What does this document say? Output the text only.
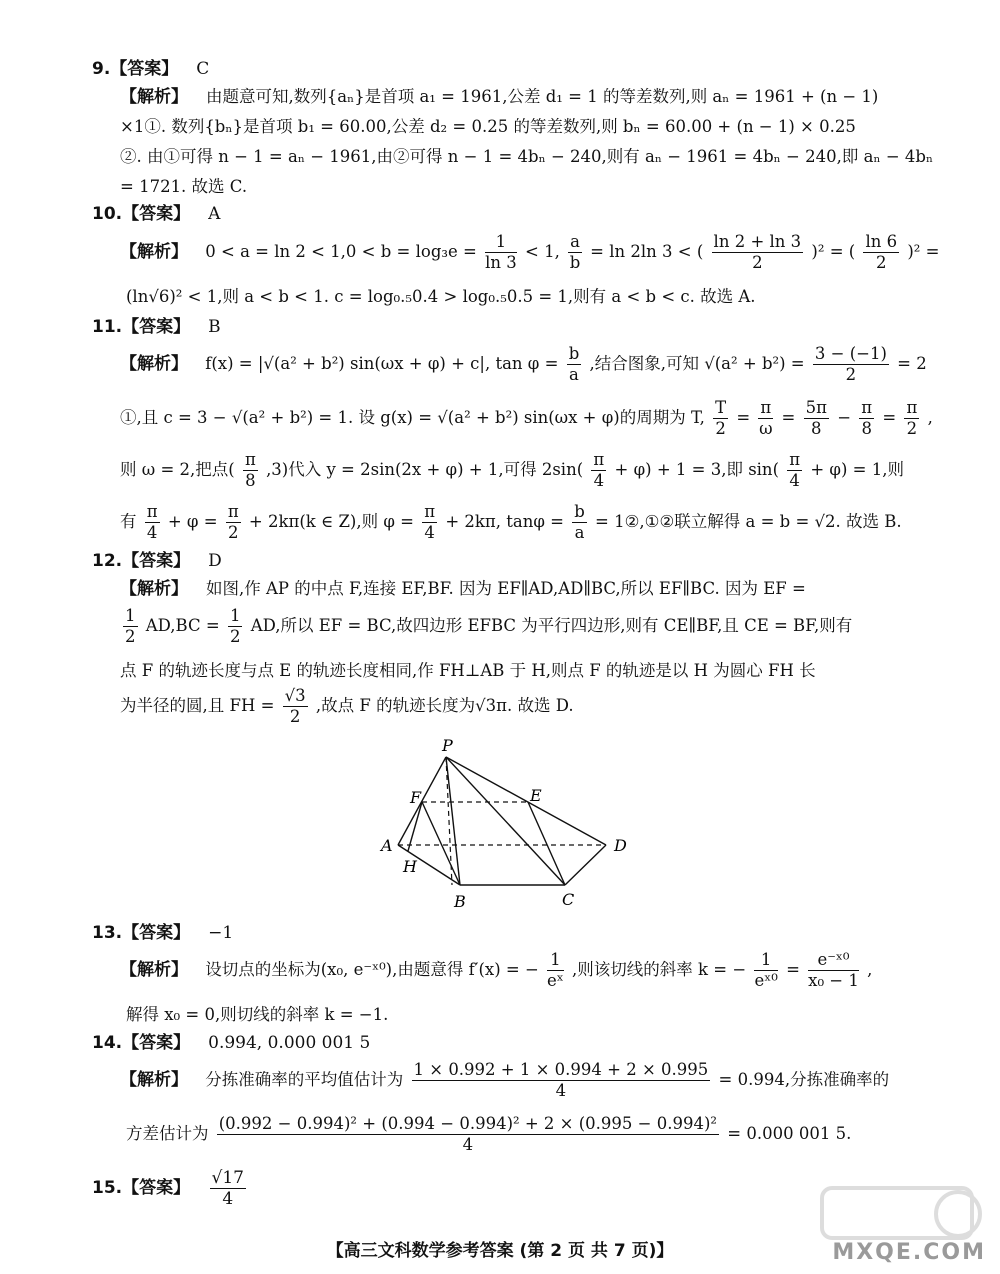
9.【答案】 C
【解析】 由题意可知,数列{aₙ}是首项 a₁ = 1961,公差 d₁ = 1 的等差数列,则 aₙ = 1961 + (n − 1)
×1①. 数列{bₙ}是首项 b₁ = 60.00,公差 d₂ = 0.25 的等差数列,则 bₙ = 60.00 + (n − 1) × 0.25
②. 由①可得 n − 1 = aₙ − 1961,由②可得 n − 1 = 4bₙ − 240,则有 aₙ − 1961 = 4bₙ − 240,即 aₙ − 4bₙ
= 1721. 故选 C.
10.【答案】 A
【解析】 $0 < a = \ln 2 < 1,0 < b = \log_3e = \frac{1}{\ln 3} < 1$, $\frac{a}{b} = \ln 2\ln$ 3 < ( $\frac{\ln 2 + \ln 3}{2} )^2$ = ( $\frac{\ln 6}{2} )^2$ =
(ln√6)² < 1,则 a < b < 1. c = log₀.₅0.4 > log₀.₅0.5 = 1,则有 a < b < c. 故选 A.
11.【答案】 B
【解析】 f(x) = |√(a² + b²) sin(ωx + φ) + c|, $\tan \varphi = \frac{b}{a}$ ,结合图象,可知 $√(a^2 + b^2) = \frac{3 - (-1)}{2} = 2$
①,且 c = 3 − √(a² + b²) = 1. 设 g(x) = √(a² + b²) sin(ωx + φ)的周期为 T, $\frac{T}{2} = \frac{\pi}{\omega} = \frac{5\pi}{8} - \frac{\pi}{8} = \frac{\pi}{2}$ ,
则 ω = 2,把点( $\frac{\pi}{8} ,3$)代入 y = 2sin(2x + φ) + 1,可得 $2\sin( \frac{\pi}{4} + \varphi) + 1 = 3$,即 $\sin( \frac{\pi}{4} + \varphi) = 1$,则
有 $\frac{\pi}{4} + \varphi = \frac{\pi}{2} + 2k\pi(k$ ∈ Z),则 $\varphi = \frac{\pi}{4} + 2k\pi$, $\tan\varphi = \frac{b}{a}$ = 1②,①②联立解得 a = b = √2. 故选 B.
12.【答案】 D
【解析】 如图,作 AP 的中点 F,连接 EF,BF. 因为 EF∥AD,AD∥BC,所以 EF∥BC. 因为 EF =
$\frac{1}{2} AD,BC = \frac{1}{2}$ AD,所以 EF = BC,故四边形 EFBC 为平行四边形,则有 CE∥BF,且 CE = BF,则有
点 F 的轨迹长度与点 E 的轨迹长度相同,作 FH⊥AB 于 H,则点 F 的轨迹是以 H 为圆心 FH 长
为半径的圆,且 FH = $\frac{√3}{2}$ ,故点 F 的轨迹长度为√3π. 故选 D.
P
E
F
A	D
H
B	C
13.【答案】 −1
【解析】 设切点的坐标为(x₀, e⁻ˣ⁰),由题意得 f′(x) = − $\frac{1}{\text{eˣ}}$ ,则该切线的斜率 k = − $\frac{1}{\text{eˣ⁰}} = \frac{\text{e⁻ˣ⁰}}{\text{x₀ − 1}}$ ,
解得 x₀ = 0,则切线的斜率 k = −1.
14.【答案】 0.994, 0.000 001 5
【解析】 分拣准确率的平均值估计为 $\frac{1 \times 0.992 + 1 \times 0.994 + 2 \times 0.995}{4} = 0.994$,分拣准确率的
方差估计为 $\frac{\text{(0.992 − 0.994)² + (0.994 − 0.994)² + 2 × (0.995 − 0.994)²}}{4} = 0.000$ 001 5.
15.【答案】 $\frac{√17}{4}$
MXQE.COM
【高三文科数学参考答案 (第 2 页 共 7 页)】
